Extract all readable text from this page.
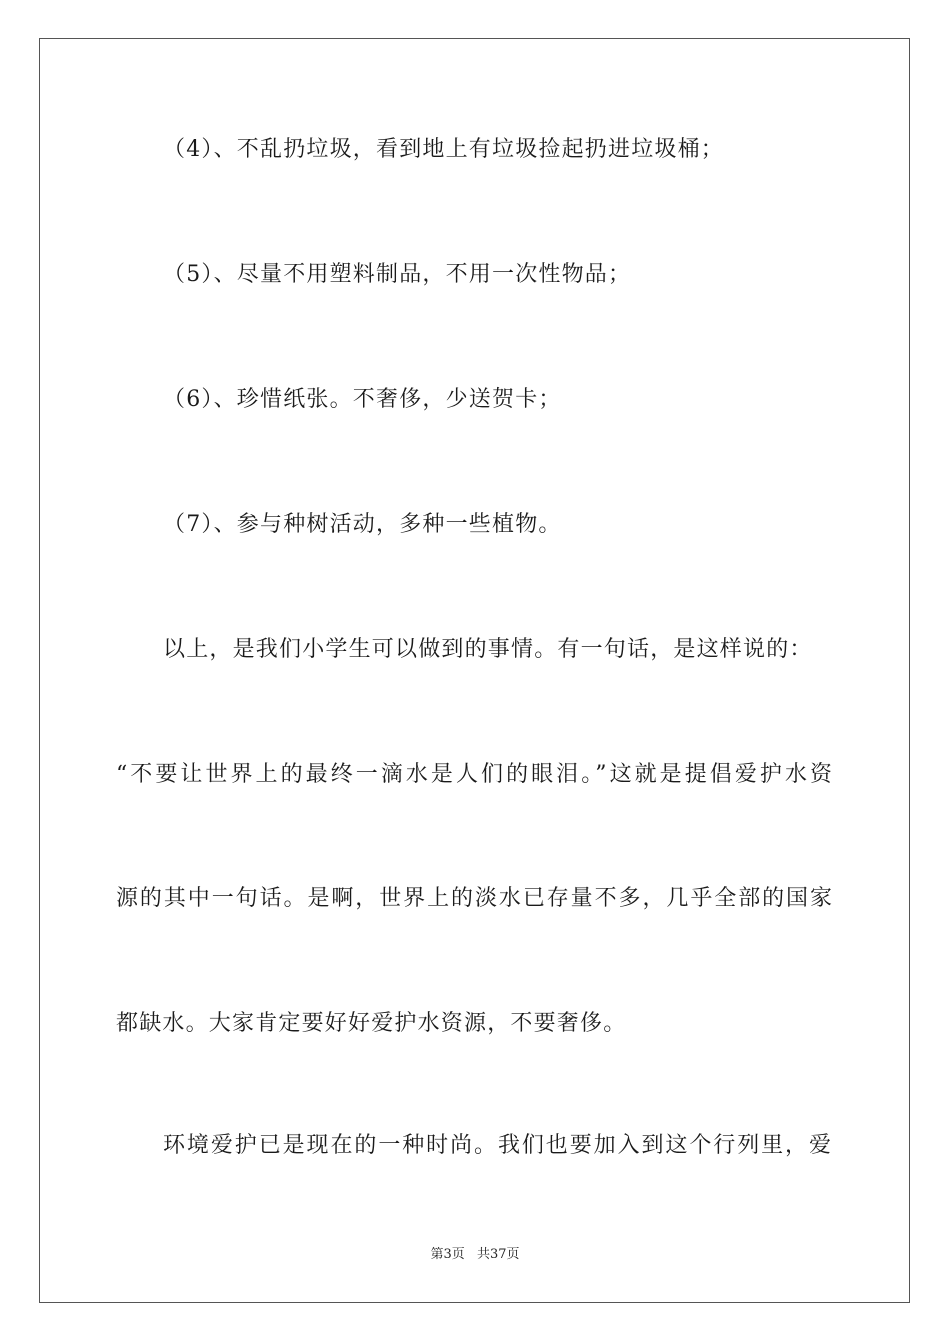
（4）、不乱扔垃圾，看到地上有垃圾捡起扔进垃圾桶；
（5）、尽量不用塑料制品，不用一次性物品；
（6）、珍惜纸张。不奢侈，少送贺卡；
（7）、参与种树活动，多种一些植物。
以上，是我们小学生可以做到的事情。有一句话，是这样说的：
“不要让世界上的最终一滴水是人们的眼泪。”这就是提倡爱护水资
源的其中一句话。是啊，世界上的淡水已存量不多，几乎全部的国家
都缺水。大家肯定要好好爱护水资源，不要奢侈。
环境爱护已是现在的一种时尚。我们也要加入到这个行列里，爱
第3页 共37页
